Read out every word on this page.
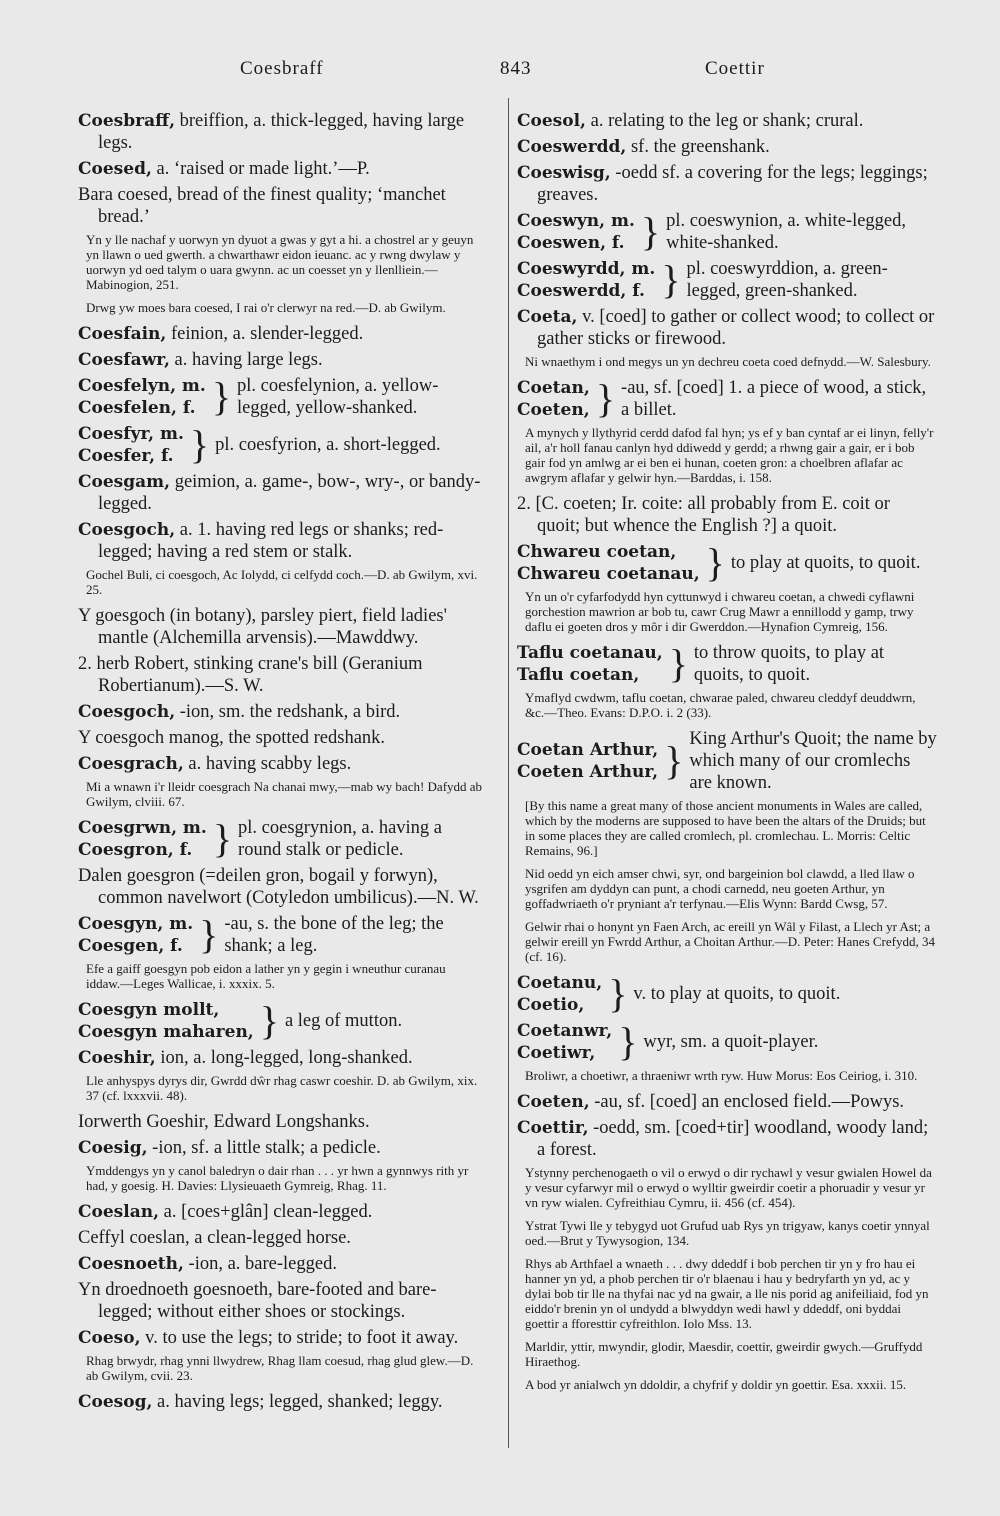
Coesbraff	843	Coettir
Coesbraff, breiffion, a. thick-legged, having large legs.
Coesed, a. ‘raised or made light.’—P.
Bara coesed, bread of the finest quality; ‘manchet bread.’
Yn y lle nachaf y uorwyn yn dyuot a gwas y gyt a hi. a chostrel ar y geuyn yn llawn o ued gwerth. a chwarthawr eidon ieuanc. ac y rwng dwylaw y uorwyn yd oed talym o uara gwynn. ac un coesset yn y llenlliein.—Mabinogion, 251.
Drwg yw moes bara coesed, I rai o'r clerwyr na red.—D. ab Gwilym.
Coesfain, feinion, a. slender-legged.
Coesfawr, a. having large legs.
Coesfelyn, m.
Coesfelen, f. } pl. coesfelynion, a. yellow-legged, yellow-shanked.
Coesfyr, m.
Coesfer, f. } pl. coesfyrion, a. short-legged.
Coesgam, geimion, a. game-, bow-, wry-, or bandy-legged.
Coesgoch, a. 1. having red legs or shanks; red-legged; having a red stem or stalk.
Gochel Buli, ci coesgoch, Ac Iolydd, ci celfydd coch.—D. ab Gwilym, xvi. 25.
Y goesgoch (in botany), parsley piert, field ladies' mantle (Alchemilla arvensis).—Mawddwy.
2. herb Robert, stinking crane's bill (Geranium Robertianum).—S. W.
Coesgoch, -ion, sm. the redshank, a bird.
Y coesgoch manog, the spotted redshank.
Coesgrach, a. having scabby legs.
Mi a wnawn i'r lleidr coesgrach Na chanai mwy,—mab wy bach! Dafydd ab Gwilym, clviii. 67.
Coesgrwn, m.
Coesgron, f. } pl. coesgrynion, a. having a round stalk or pedicle.
Dalen goesgron (=deilen gron, bogail y forwyn), common navelwort (Cotyledon umbilicus).—N. W.
Coesgyn, m.
Coesgen, f. } -au, s. the bone of the leg; the shank; a leg.
Efe a gaiff goesgyn pob eidon a lather yn y gegin i wneuthur curanau iddaw.—Leges Wallicae, i. xxxix. 5.
Coesgyn mollt,
Coesgyn maharen, } a leg of mutton.
Coeshir, ion, a. long-legged, long-shanked.
Lle anhyspys dyrys dir, Gwrdd dŵr rhag caswr coeshir. D. ab Gwilym, xix. 37 (cf. lxxxvii. 48).
Iorwerth Goeshir, Edward Longshanks.
Coesig, -ion, sf. a little stalk; a pedicle.
Ymddengys yn y canol baledryn o dair rhan . . . yr hwn a gynnwys rith yr had, y goesig. H. Davies: Llysieuaeth Gymreig, Rhag. 11.
Coeslan, a. [coes+glân] clean-legged.
Ceffyl coeslan, a clean-legged horse.
Coesnoeth, -ion, a. bare-legged.
Yn droednoeth goesnoeth, bare-footed and bare-legged; without either shoes or stockings.
Coeso, v. to use the legs; to stride; to foot it away.
Rhag brwydr, rhag ynni llwydrew, Rhag llam coesud, rhag glud glew.—D. ab Gwilym, cvii. 23.
Coesog, a. having legs; legged, shanked; leggy.
Coesol, a. relating to the leg or shank; crural.
Coeswerdd, sf. the greenshank.
Coeswisg, -oedd sf. a covering for the legs; leggings; greaves.
Coeswyn, m.
Coeswen, f. } pl. coeswynion, a. white-legged, white-shanked.
Coeswyrdd, m.
Coeswerdd, f. } pl. coeswyrddion, a. green-legged, green-shanked.
Coeta, v. [coed] to gather or collect wood; to collect or gather sticks or firewood.
Ni wnaethym i ond megys un yn dechreu coeta coed defnydd.—W. Salesbury.
Coetan,
Coeten, } -au, sf. [coed] 1. a piece of wood, a stick, a billet.
A mynych y llythyrid cerdd dafod fal hyn; ys ef y ban cyntaf ar ei linyn, felly'r ail, a'r holl fanau canlyn hyd ddiwedd y gerdd; a rhwng gair a gair, er i bob gair fod yn amlwg ar ei ben ei hunan, coeten gron: a choelbren aflafar ac awgrym aflafar y gelwir hyn.—Barddas, i. 158.
2. [C. coeten; Ir. coite: all probably from E. coit or quoit; but whence the English ?] a quoit.
Chwareu coetan,
Chwareu coetanau, } to play at quoits, to quoit.
Yn un o'r cyfarfodydd hyn cyttunwyd i chwareu coetan, a chwedi cyflawni gorchestion mawrion ar bob tu, cawr Crug Mawr a ennillodd y gamp, trwy daflu ei goeten dros y môr i dir Gwerddon.—Hynafion Cymreig, 156.
Taflu coetanau,
Taflu coetan, } to throw quoits, to play at quoits, to quoit.
Ymaflyd cwdwm, taflu coetan, chwarae paled, chwareu cleddyf deuddwrn, &c.—Theo. Evans: D.P.O. i. 2 (33).
Coetan Arthur,
Coeten Arthur, } King Arthur's Quoit; the name by which many of our cromlechs are known.
[By this name a great many of those ancient monuments in Wales are called, which by the moderns are supposed to have been the altars of the Druids; but in some places they are called cromlech, pl. cromlechau. L. Morris: Celtic Remains, 96.]
Nid oedd yn eich amser chwi, syr, ond bargeinion bol clawdd, a lled llaw o ysgrifen am dyddyn can punt, a chodi carnedd, neu goeten Arthur, yn goffadwriaeth o'r pryniant a'r terfynau.—Elis Wynn: Bardd Cwsg, 57.
Gelwir rhai o honynt yn Faen Arch, ac ereill yn Wâl y Filast, a Llech yr Ast; a gelwir ereill yn Fwrdd Arthur, a Choitan Arthur.—D. Peter: Hanes Crefydd, 34 (cf. 16).
Coetanu,
Coetio, } v. to play at quoits, to quoit.
Coetanwr,
Coetiwr, } wyr, sm. a quoit-player.
Broliwr, a choetiwr, a thraeniwr wrth ryw. Huw Morus: Eos Ceiriog, i. 310.
Coeten, -au, sf. [coed] an enclosed field.—Powys.
Coettir, -oedd, sm. [coed+tir] woodland, woody land; a forest.
Ystynny perchenogaeth o vil o erwyd o dir rychawl y vesur gwialen Howel da y vesur cyfarwyr mil o erwyd o wylltir gweirdir coetir a phoruadir y vesur yr vn ryw wialen. Cyfreithiau Cymru, ii. 456 (cf. 454).
Ystrat Tywi lle y tebygyd uot Grufud uab Rys yn trigyaw, kanys coetir ynnyal oed.—Brut y Tywysogion, 134.
Rhys ab Arthfael a wnaeth . . . dwy ddeddf i bob perchen tir yn y fro hau ei hanner yn yd, a phob perchen tir o'r blaenau i hau y bedryfarth yn yd, ac y dylai bob tir lle na thyfai nac yd na gwair, a lle nis porid ag anifeiliaid, fod yn eiddo'r brenin yn ol undydd a blwyddyn wedi hawl y ddeddf, oni byddai goettir a fforesttir cyfreithlon. Iolo Mss. 13.
Marldir, yttir, mwyndir, glodir, Maesdir, coettir, gweirdir gwych.—Gruffydd Hiraethog.
A bod yr anialwch yn ddoldir, a chyfrif y doldir yn goettir. Esa. xxxii. 15.
